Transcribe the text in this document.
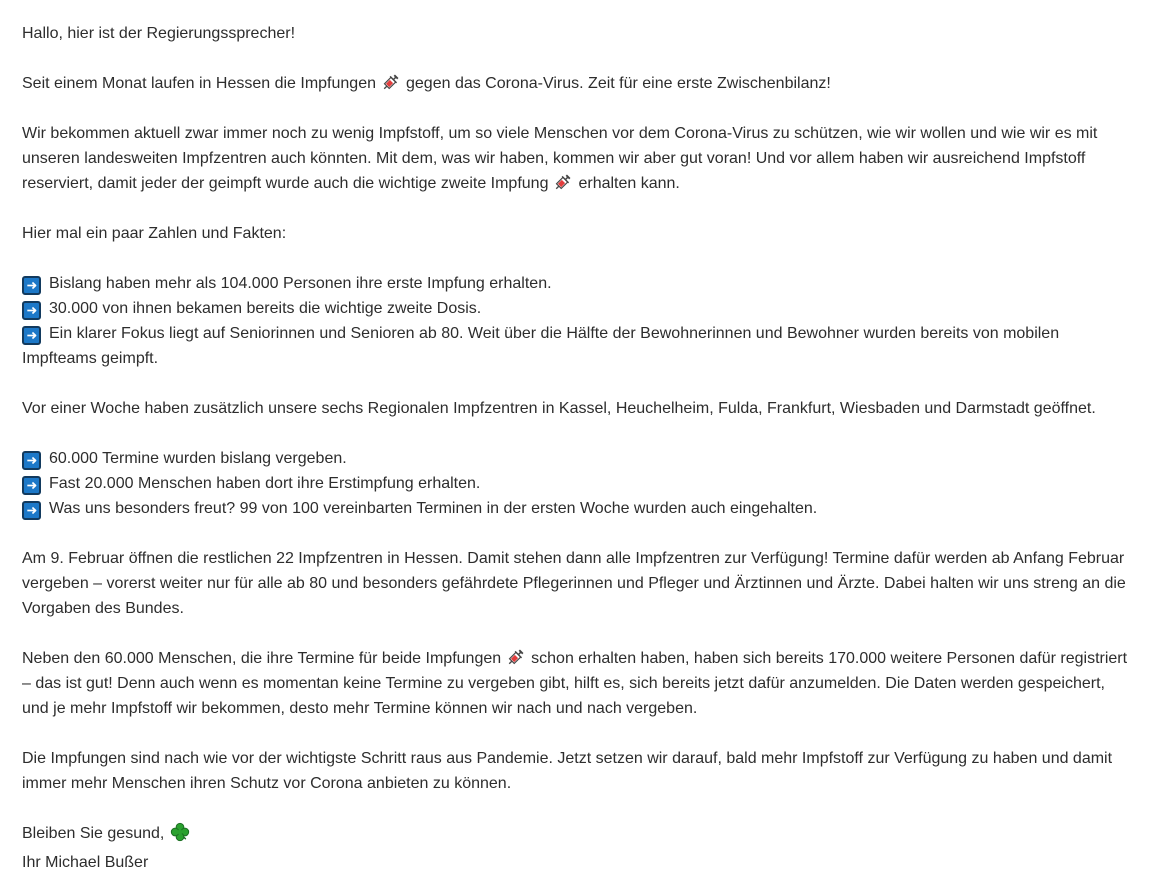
Hallo, hier ist der Regierungssprecher!

Seit einem Monat laufen in Hessen die Impfungen gegen das Corona-Virus. Zeit für eine erste Zwischenbilanz!

Wir bekommen aktuell zwar immer noch zu wenig Impfstoff, um so viele Menschen vor dem Corona-Virus zu schützen, wie wir wollen und wie wir es mit unseren landesweiten Impfzentren auch könnten. Mit dem, was wir haben, kommen wir aber gut voran! Und vor allem haben wir ausreichend Impfstoff reserviert, damit jeder der geimpft wurde auch die wichtige zweite Impfung erhalten kann.

Hier mal ein paar Zahlen und Fakten:

Bislang haben mehr als 104.000 Personen ihre erste Impfung erhalten.

30.000 von ihnen bekamen bereits die wichtige zweite Dosis.

Ein klarer Fokus liegt auf Seniorinnen und Senioren ab 80. Weit über die Hälfte der Bewohnerinnen und Bewohner wurden bereits von mobilen Impfteams geimpft.

Vor einer Woche haben zusätzlich unsere sechs Regionalen Impfzentren in Kassel, Heuchelheim, Fulda, Frankfurt, Wiesbaden und Darmstadt geöffnet.

60.000 Termine wurden bislang vergeben.

Fast 20.000 Menschen haben dort ihre Erstimpfung erhalten.

Was uns besonders freut? 99 von 100 vereinbarten Terminen in der ersten Woche wurden auch eingehalten.

Am 9. Februar öffnen die restlichen 22 Impfzentren in Hessen. Damit stehen dann alle Impfzentren zur Verfügung! Termine dafür werden ab Anfang Februar vergeben – vorerst weiter nur für alle ab 80 und besonders gefährdete Pflegerinnen und Pfleger und Ärztinnen und Ärzte. Dabei halten wir uns streng an die Vorgaben des Bundes.

Neben den 60.000 Menschen, die ihre Termine für beide Impfungen schon erhalten haben, haben sich bereits 170.000 weitere Personen dafür registriert – das ist gut! Denn auch wenn es momentan keine Termine zu vergeben gibt, hilft es, sich bereits jetzt dafür anzumelden. Die Daten werden gespeichert, und je mehr Impfstoff wir bekommen, desto mehr Termine können wir nach und nach vergeben.

Die Impfungen sind nach wie vor der wichtigste Schritt raus aus Pandemie. Jetzt setzen wir darauf, bald mehr Impfstoff zur Verfügung zu haben und damit immer mehr Menschen ihren Schutz vor Corona anbieten zu können.

Bleiben Sie gesund,

Ihr Michael Bußer
